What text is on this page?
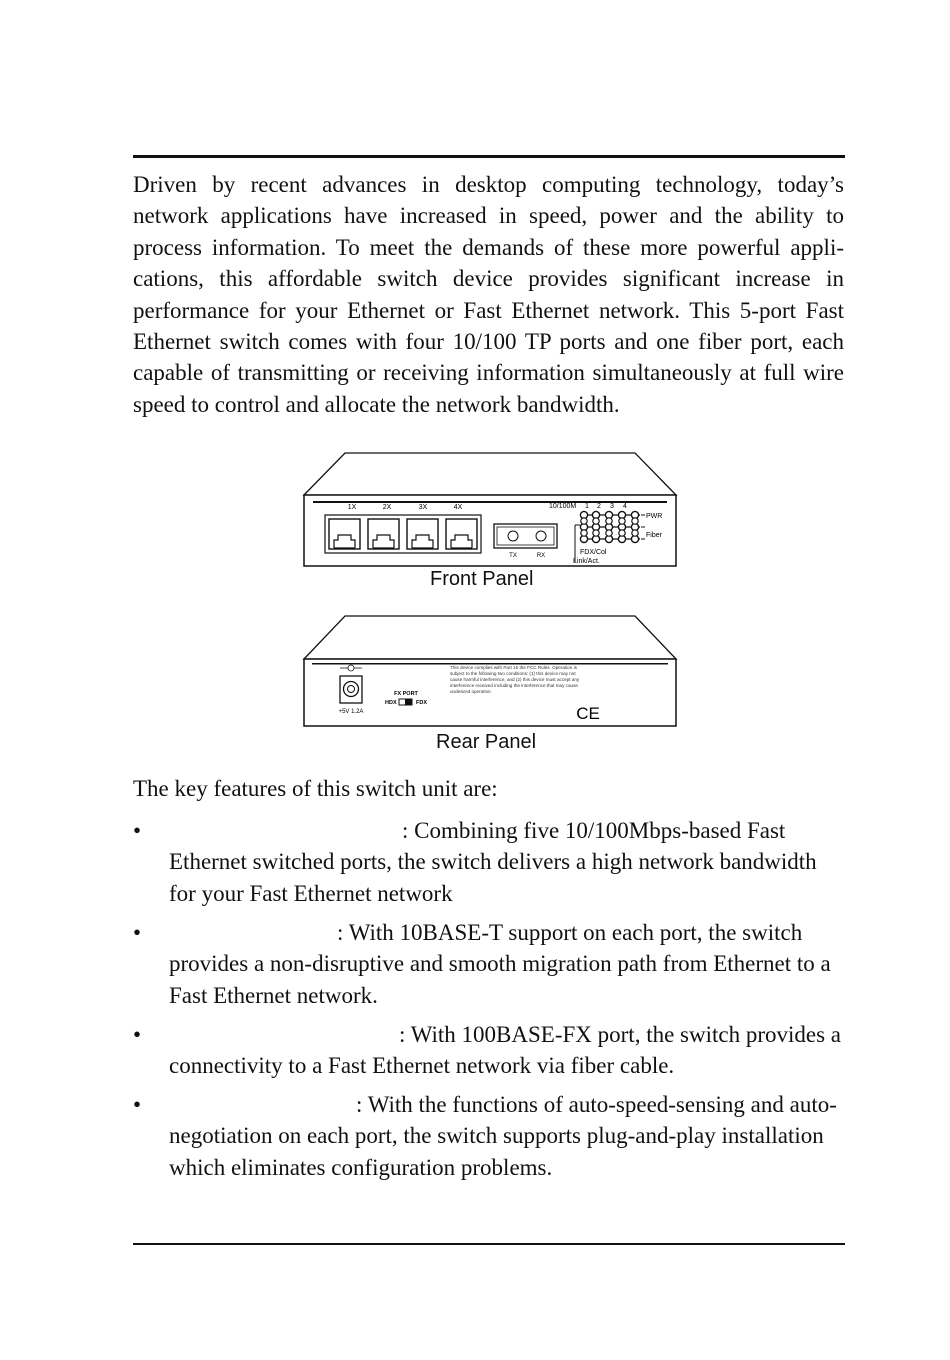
Driven by recent advances in desktop computing technology, today’s network applications have increased in speed, power and the ability to process information. To meet the demands of these more powerful appli-cations, this affordable switch device provides significant increase in performance for your Ethernet or Fast Ethernet network. This 5-port Fast Ethernet switch comes with four 10/100 TP ports and one fiber port, each capable of transmitting or receiving information simultaneously at full wire speed to control and allocate the network bandwidth.

1X	2X	3X	4X
TX	RX
10/100M 1 2 3 4
PWR
Fiber
FDX/Col
Link/Act.
+5V 1.2A
FX PORT
HDX	FDX
This device complies with Part 15 the FCC Rules. Operation is
subject to the following two conditions: (1) this device may not
cause harmful interference, and (2) this device must accept any
interference received including the interference that may cause
undesired operation.
CE
Front Panel
Rear Panel

The key features of this switch unit are:

•	: Combining five 10/100Mbps-based Fast Ethernet switched ports, the switch delivers a high network bandwidth for your Fast Ethernet network
•	: With 10BASE-T support on each port, the switch provides a non-disruptive and smooth migration path from Ethernet to a Fast Ethernet network.
•	: With 100BASE-FX port, the switch provides a connectivity to a Fast Ethernet network via fiber cable.
•	: With the functions of auto-speed-sensing and auto-negotiation on each port, the switch supports plug-and-play installation which eliminates configuration problems.
